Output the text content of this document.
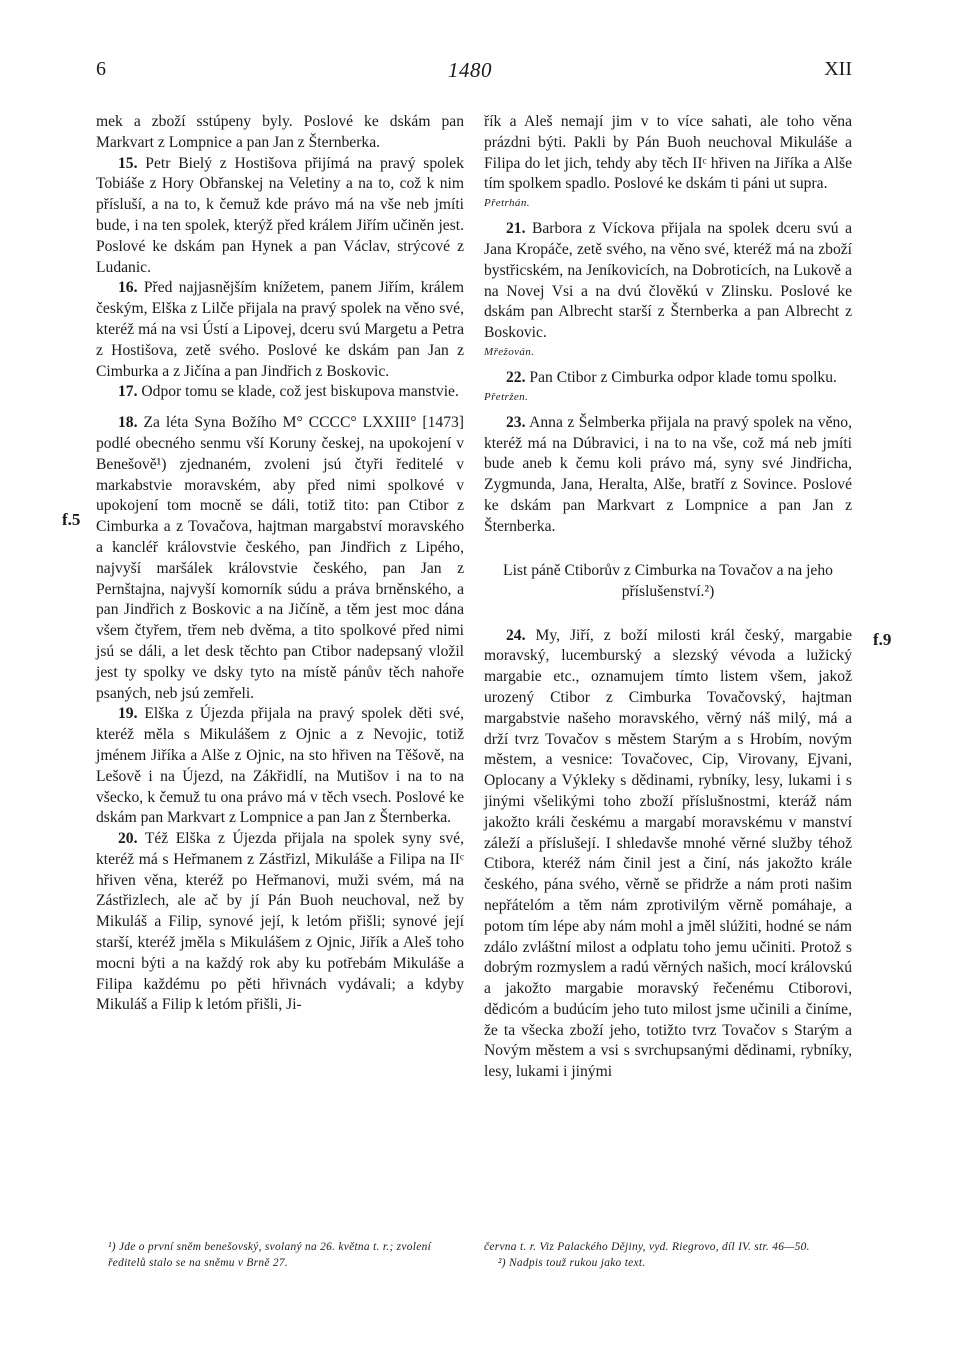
6	1480	XII
f.5
f.9

mek a zboží sstúpeny byly. Poslové ke dskám pan Markvart z Lompnice a pan Jan z Šternberka.

15. Petr Bielý z Hostišova přijímá na pravý spolek Tobiáše z Hory Obřanskej na Veletiny a na to, což k nim přísluší, a na to, k čemuž kde právo má na vše neb jmíti bude, i na ten spolek, kterýž před králem Jiřím učiněn jest. Poslové ke dskám pan Hynek a pan Václav, strýcové z Ludanic.

16. Před najjasnějším knížetem, panem Jiřím, králem českým, Elška z Lilče přijala na pravý spolek na věno své, kteréž má na vsi Ústí a Lipovej, dceru svú Margetu a Petra z Hostišova, zetě svého. Poslové ke dskám pan Jan z Cimburka a z Jičína a pan Jindřich z Boskovic.

17. Odpor tomu se klade, což jest biskupova manstvie.

18. Za léta Syna Božího M° CCCC° LXXIII° [1473] podlé obecného senmu vší Koruny českej, na upokojení v Benešově¹) zjednaném, zvoleni jsú čtyři ředitelé v markabstvie moravském, aby před nimi spolkové v upokojení tom mocně se dáli, totiž tito: pan Ctibor z Cimburka a z Tovačova, hajtman margabství moravského a kancléř královstvie českého, pan Jindřich z Lipého, najvyší maršálek královstvie českého, pan Jan z Pernštajna, najvyší komorník súdu a práva brněnského, a pan Jindřich z Boskovic a na Jičíně, a těm jest moc dána všem čtyřem, třem neb dvěma, a tito spolkové před nimi jsú se dáli, a let desk těchto pan Ctibor nadepsaný vložil jest ty spolky ve dsky tyto na místě pánův těch nahoře psaných, neb jsú zemřeli.

19. Elška z Újezda přijala na pravý spolek děti své, kteréž měla s Mikulášem z Ojnic a z Nevojic, totiž jménem Jiříka a Alše z Ojnic, na sto hřiven na Těšově, na Lešově i na Újezd, na Zákřidlí, na Mutišov i na to na všecko, k čemuž tu ona právo má v těch vsech. Poslové ke dskám pan Markvart z Lompnice a pan Jan z Šternberka.

20. Též Elška z Újezda přijala na spolek syny své, kteréž má s Heřmanem z Zástřizl, Mikuláše a Filipa na IIᶜ hřiven věna, kteréž po Heřmanovi, muži svém, má na Zástřizlech, ale ač by jí Pán Buoh neuchoval, než by Mikuláš a Filip, synové její, k letóm přišli; synové její starší, kteréž jměla s Mikulášem z Ojnic, Jiřík a Aleš toho mocni býti a na každý rok aby ku potřebám Mikuláše a Filipa každému po pěti hřivnách vydávali; a kdyby Mikuláš a Filip k letóm přišli, Ji-

řík a Aleš nemají jim v to více sahati, ale toho věna prázdni býti. Pakli by Pán Buoh neuchoval Mikuláše a Filipa do let jich, tehdy aby těch IIᶜ hřiven na Jiříka a Alše tím spolkem spadlo. Poslové ke dskám ti páni ut supra.

Přetrhán.

21. Barbora z Víckova přijala na spolek dceru svú a Jana Kropáče, zetě svého, na věno své, kteréž má na zboží bystřicském, na Jeníkovicích, na Dobroticích, na Lukově a na Novej Vsi a na dvú člověkú v Zlinsku. Poslové ke dskám pan Albrecht starší z Šternberka a pan Albrecht z Boskovic.

Mřežován.

22. Pan Ctibor z Cimburka odpor klade tomu spolku.

Přetržen.

23. Anna z Šelmberka přijala na pravý spolek na věno, kteréž má na Dúbravici, i na to na vše, což má neb jmíti bude aneb k čemu koli právo má, syny své Jindřicha, Zygmunda, Jana, Heralta, Alše, bratří z Sovince. Poslové ke dskám pan Markvart z Lompnice a pan Jan z Šternberka.

List páně Ctiborův z Cimburka na Tovačov a na jeho příslušenství.²)

24. My, Jiří, z boží milosti král český, margabie moravský, lucemburský a slezský vévoda a lužický margabie etc., oznamujem tímto listem všem, jakož urozený Ctibor z Cimburka Tovačovský, hajtman margabstvie našeho moravského, věrný náš milý, má a drží tvrz Tovačov s městem Starým a s Hrobím, novým městem, a vesnice: Tovačovec, Cip, Virovany, Ejvani, Oplocany a Výkleky s dědinami, rybníky, lesy, lukami i s jinými všelikými toho zboží příslušnostmi, kteráž nám jakožto králi českému a margabí moravskému v manství záleží a příslušejí. I shledavše mnohé věrné služby téhož Ctibora, kteréž nám činil jest a činí, nás jakožto krále českého, pána svého, věrně se přidrže a nám proti našim nepřátelóm a těm nám zprotivilým věrně pomáhaje, a potom tím lépe aby nám mohl a jměl slúžiti, hodné se nám zdálo zvláštní milost a odplatu toho jemu učiniti. Protož s dobrým rozmyslem a radú věrných našich, mocí královskú a jakožto margabie moravský řečenému Ctiborovi, dědicóm a budúcím jeho tuto milost jsme učinili a činíme, že ta všecka zboží jeho, totižto tvrz Tovačov s Starým a Novým městem a vsi s svrchupsanými dědinami, rybníky, lesy, lukami i jinými

¹) Jde o první sněm benešovský, svolaný na 26. května t. r.; zvolení ředitelů stalo se na sněmu v Brně 27.

června t. r. Viz Palackého Dějiny, vyd. Riegrovo, díl IV. str. 46—50.

²) Nadpis touž rukou jako text.
